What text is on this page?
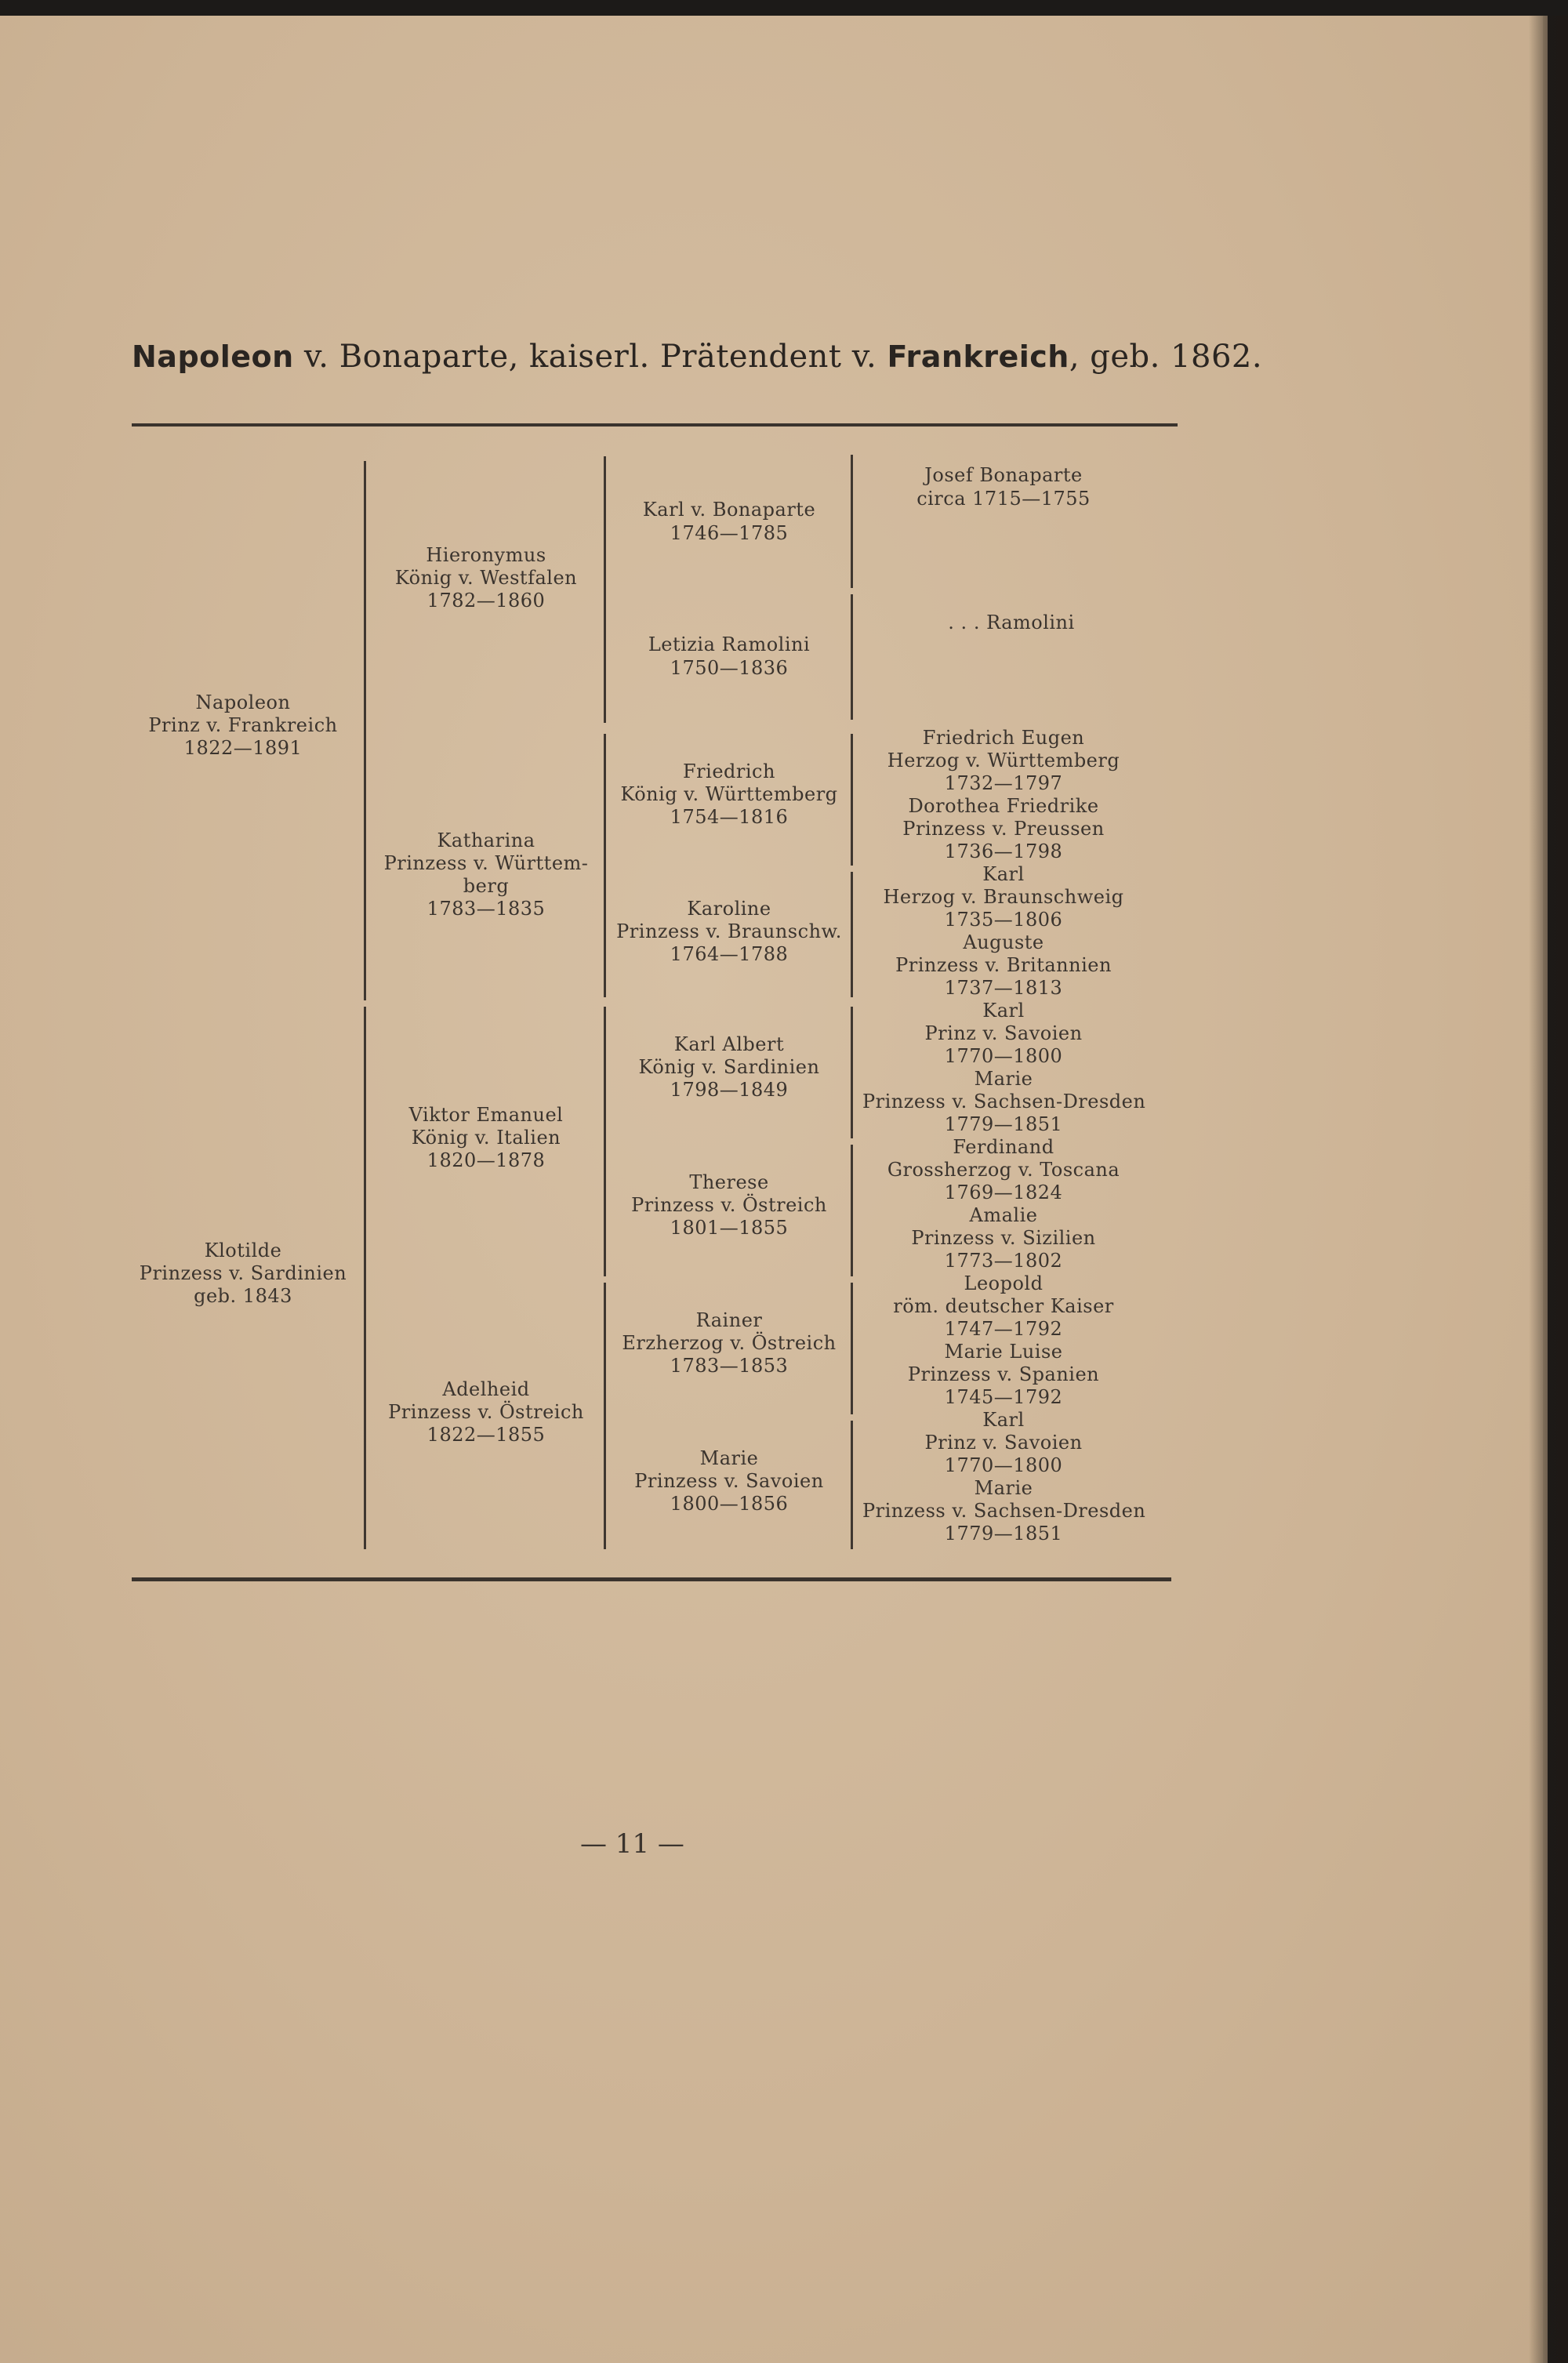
Napoleon v. Bonaparte, kaiserl. Prätendent v. Frankreich, geb. 1862.
Napoleon
Prinz v. Frankreich
1822—1891
Klotilde
Prinzess v. Sardinien
geb. 1843
Hieronymus
König v. Westfalen
1782—1860
Katharina
Prinzess v. Württem-
berg
1783—1835
Viktor Emanuel
König v. Italien
1820—1878
Adelheid
Prinzess v. Östreich
1822—1855
Karl v. Bonaparte
1746—1785
Letizia Ramolini
1750—1836
Friedrich
König v. Württemberg
1754—1816
Karoline
Prinzess v. Braunschw.
1764—1788
Karl Albert
König v. Sardinien
1798—1849
Therese
Prinzess v. Östreich
1801—1855
Rainer
Erzherzog v. Östreich
1783—1853
Marie
Prinzess v. Savoien
1800—1856
Josef Bonaparte
circa 1715—1755
. . . Ramolini
Friedrich Eugen
Herzog v. Württemberg
1732—1797
Dorothea Friedrike
Prinzess v. Preussen
1736—1798
Karl
Herzog v. Braunschweig
1735—1806
Auguste
Prinzess v. Britannien
1737—1813
Karl
Prinz v. Savoien
1770—1800
Marie
Prinzess v. Sachsen-Dresden
1779—1851
Ferdinand
Grossherzog v. Toscana
1769—1824
Amalie
Prinzess v. Sizilien
1773—1802
Leopold
röm. deutscher Kaiser
1747—1792
Marie Luise
Prinzess v. Spanien
1745—1792
Karl
Prinz v. Savoien
1770—1800
Marie
Prinzess v. Sachsen-Dresden
1779—1851
— 11 —
